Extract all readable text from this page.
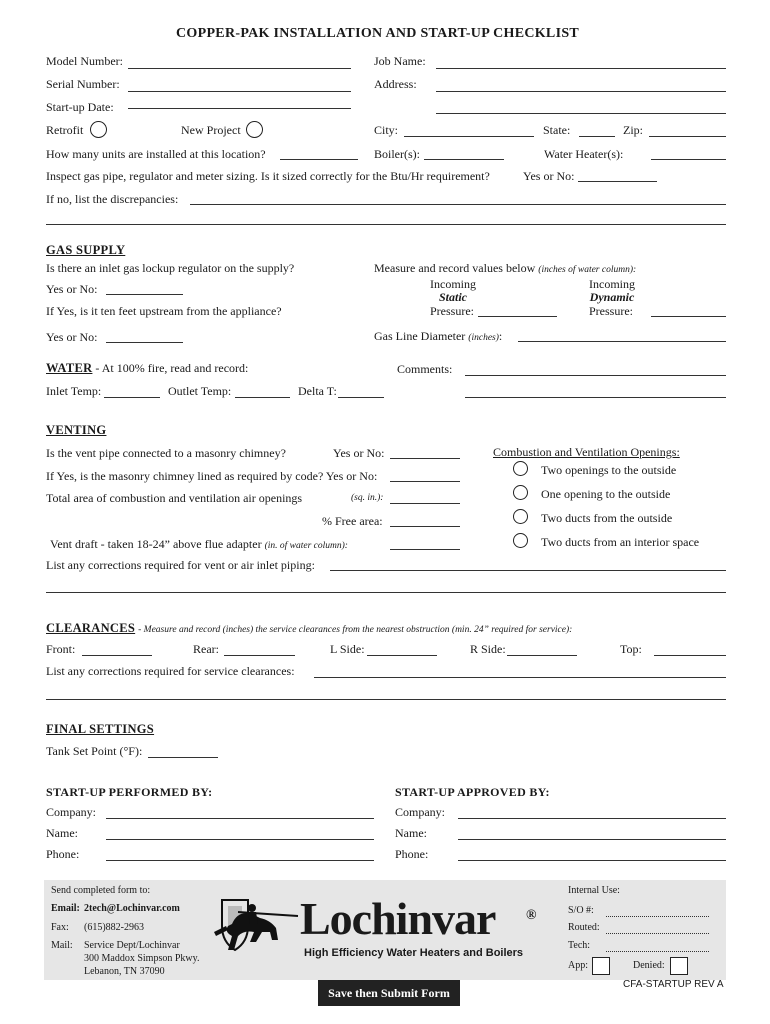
COPPER-PAK INSTALLATION AND START-UP CHECKLIST
Model Number:	Job Name:
Serial Number:	Address:
Start-up Date:
Retrofit	New Project	City:	State:	Zip:
How many units are installed at this location?	Boiler(s):	Water Heater(s):
Inspect gas pipe, regulator and meter sizing. Is it sized correctly for the Btu/Hr requirement?	Yes or No:
If no, list the discrepancies:
GAS SUPPLY
Is there an inlet gas lockup regulator on the supply?	Measure and record values below (inches of water column):
Yes or No:	Incoming
Static
Pressure:
Incoming
Dynamic
Pressure:
If Yes, is it ten feet upstream from the appliance?
Yes or No:	Gas Line Diameter (inches):
WATER - At 100% fire, read and record:	Comments:
Inlet Temp:	Outlet Temp:	Delta T:
VENTING
Is the vent pipe connected to a masonry chimney?	Yes or No:
If Yes, is the masonry chimney lined as required by code? Yes or No:
Total area of combustion and ventilation air openings	(sq. in.):
% Free area:
Vent draft - taken 18-24” above flue adapter (in. of water column):
List any corrections required for vent or air inlet piping:
Combustion and Ventilation Openings:
Two openings to the outside
One opening to the outside
Two ducts from the outside
Two ducts from an interior space
CLEARANCES - Measure and record (inches) the service clearances from the nearest obstruction (min. 24” required for service):
Front:	Rear:	L Side:	R Side:	Top:
List any corrections required for service clearances:
FINAL SETTINGS
Tank Set Point (°F):
START-UP PERFORMED BY:
Company:
Name:
Phone:
START-UP APPROVED BY:
Company:
Name:
Phone:
Send completed form to:
Email: 2tech@Lochinvar.com
Fax: (615)882-2963
Mail: Service Dept/Lochinvar
300 Maddox Simpson Pkwy.
Lebanon, TN 37090
Lochinvar ®
High Efficiency Water Heaters and Boilers
Internal Use:
S/O #:
Routed:
Tech:
App:	Denied:
Save then Submit Form
CFA-STARTUP REV A
